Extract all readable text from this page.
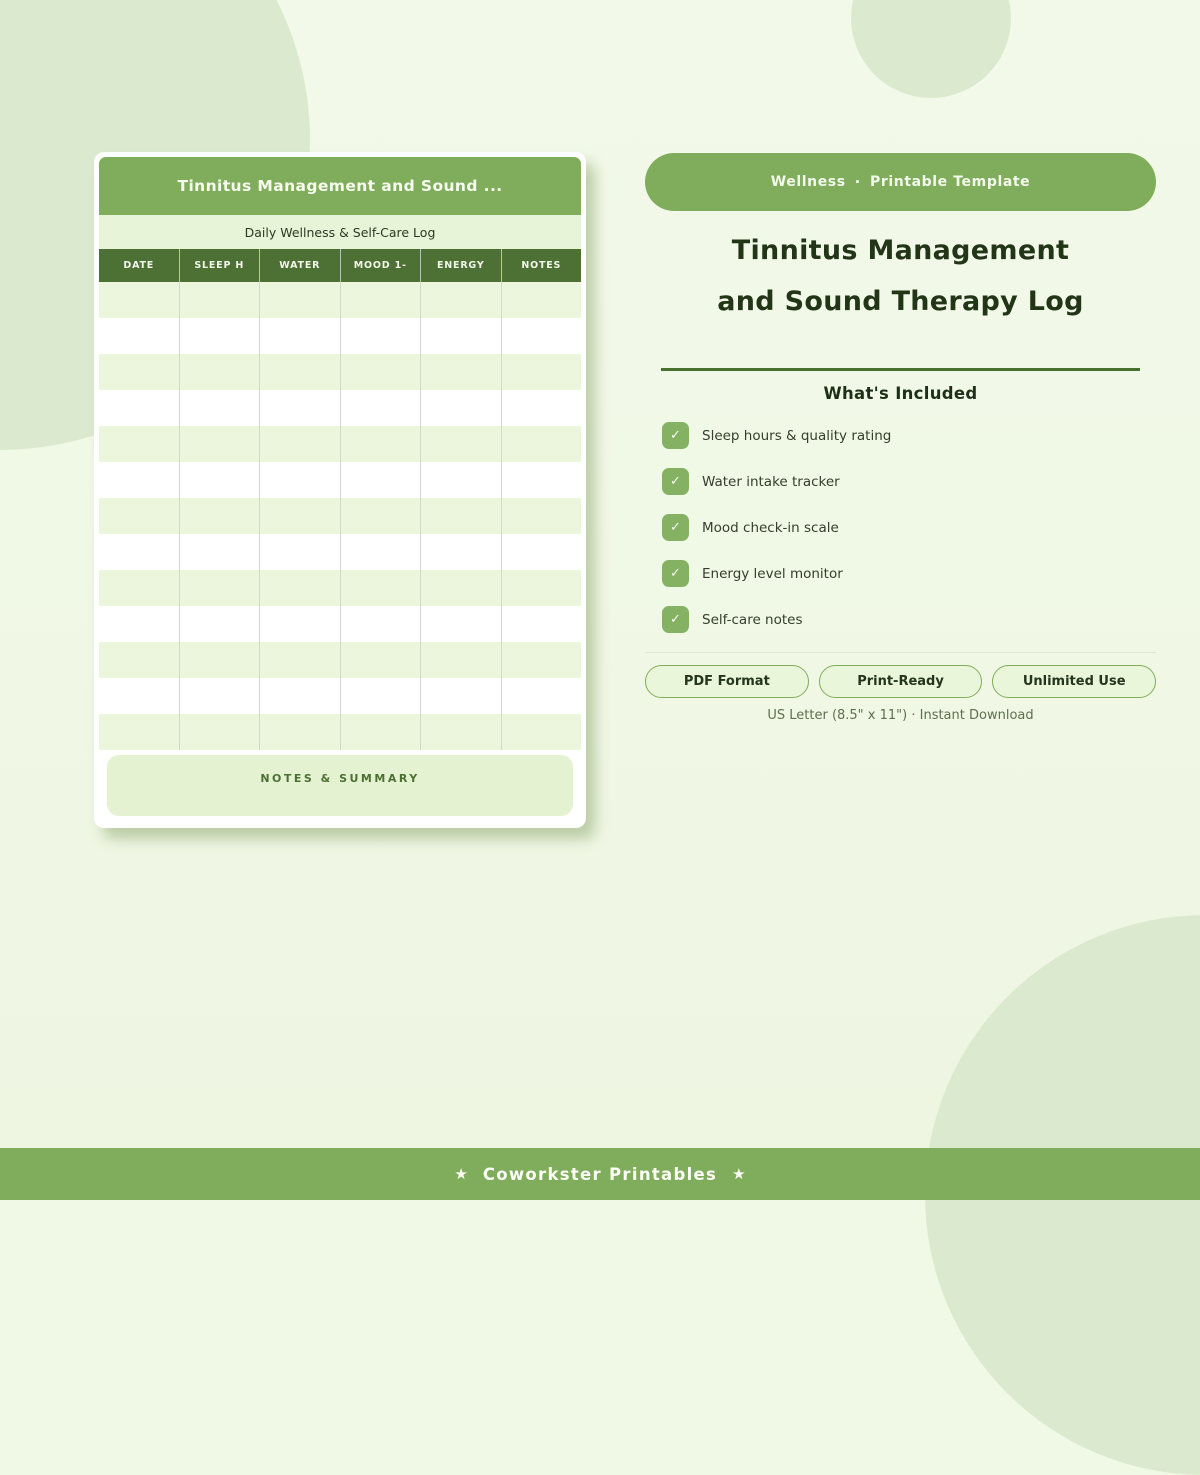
Tinnitus Management and Sound ...
Daily Wellness & Self-Care Log
DATE	SLEEP H	WATER	MOOD 1-	ENERGY	NOTES
NOTES & SUMMARY
Wellness · Printable Template
Tinnitus Management
and Sound Therapy Log
What's Included
✓	Sleep hours & quality rating
✓	Water intake tracker
✓	Mood check-in scale
✓	Energy level monitor
✓	Self-care notes
PDF Format	Print-Ready	Unlimited Use
US Letter (8.5" x 11") · Instant Download
★ Coworkster Printables ★
